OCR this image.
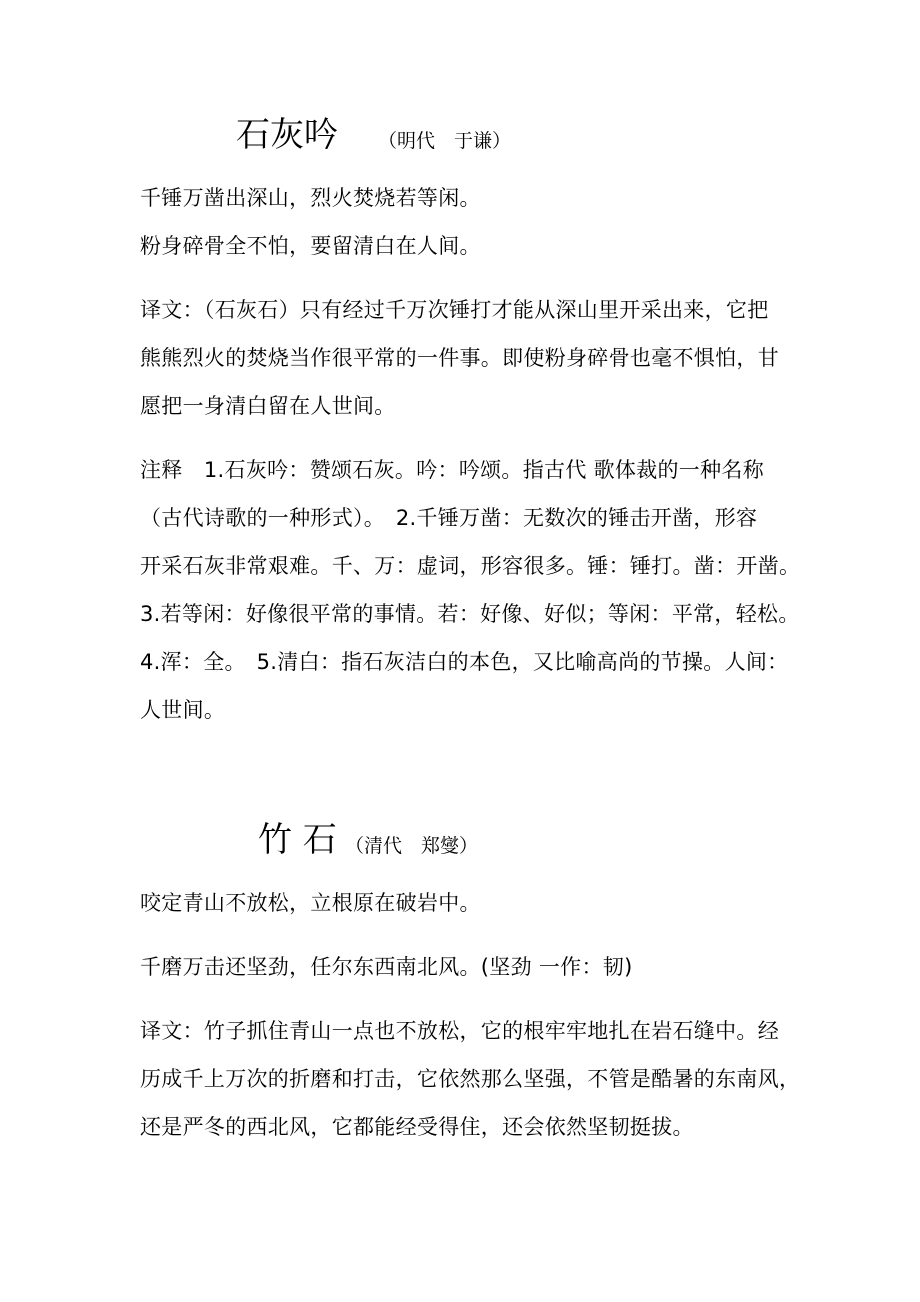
石灰吟 （明代　于谦）
千锤万凿出深山，烈火焚烧若等闲。
粉身碎骨全不怕，要留清白在人间。
译文：（石灰石）只有经过千万次锤打才能从深山里开采出来，它把
熊熊烈火的焚烧当作很平常的一件事。即使粉身碎骨也毫不惧怕，甘
愿把一身清白留在人世间。
注释　1.石灰吟：赞颂石灰。吟：吟颂。指古代 歌体裁的一种名称
（古代诗歌的一种形式）。　2.千锤万凿：无数次的锤击开凿，形容
开采石灰非常艰难。千、万：虚词，形容很多。锤：锤打。凿：开凿。
3.若等闲：好像很平常的事情。若：好像、好似；等闲：平常，轻松。
4.浑：全。　5.清白：指石灰洁白的本色，又比喻高尚的节操。人间：
人世间。
竹 石 （清代　郑燮）
咬定青山不放松，立根原在破岩中。
千磨万击还坚劲，任尔东西南北风。(坚劲 一作：韧)
译文：竹子抓住青山一点也不放松，它的根牢牢地扎在岩石缝中。经
历成千上万次的折磨和打击，它依然那么坚强，不管是酷暑的东南风，
还是严冬的西北风，它都能经受得住，还会依然坚韧挺拔。
